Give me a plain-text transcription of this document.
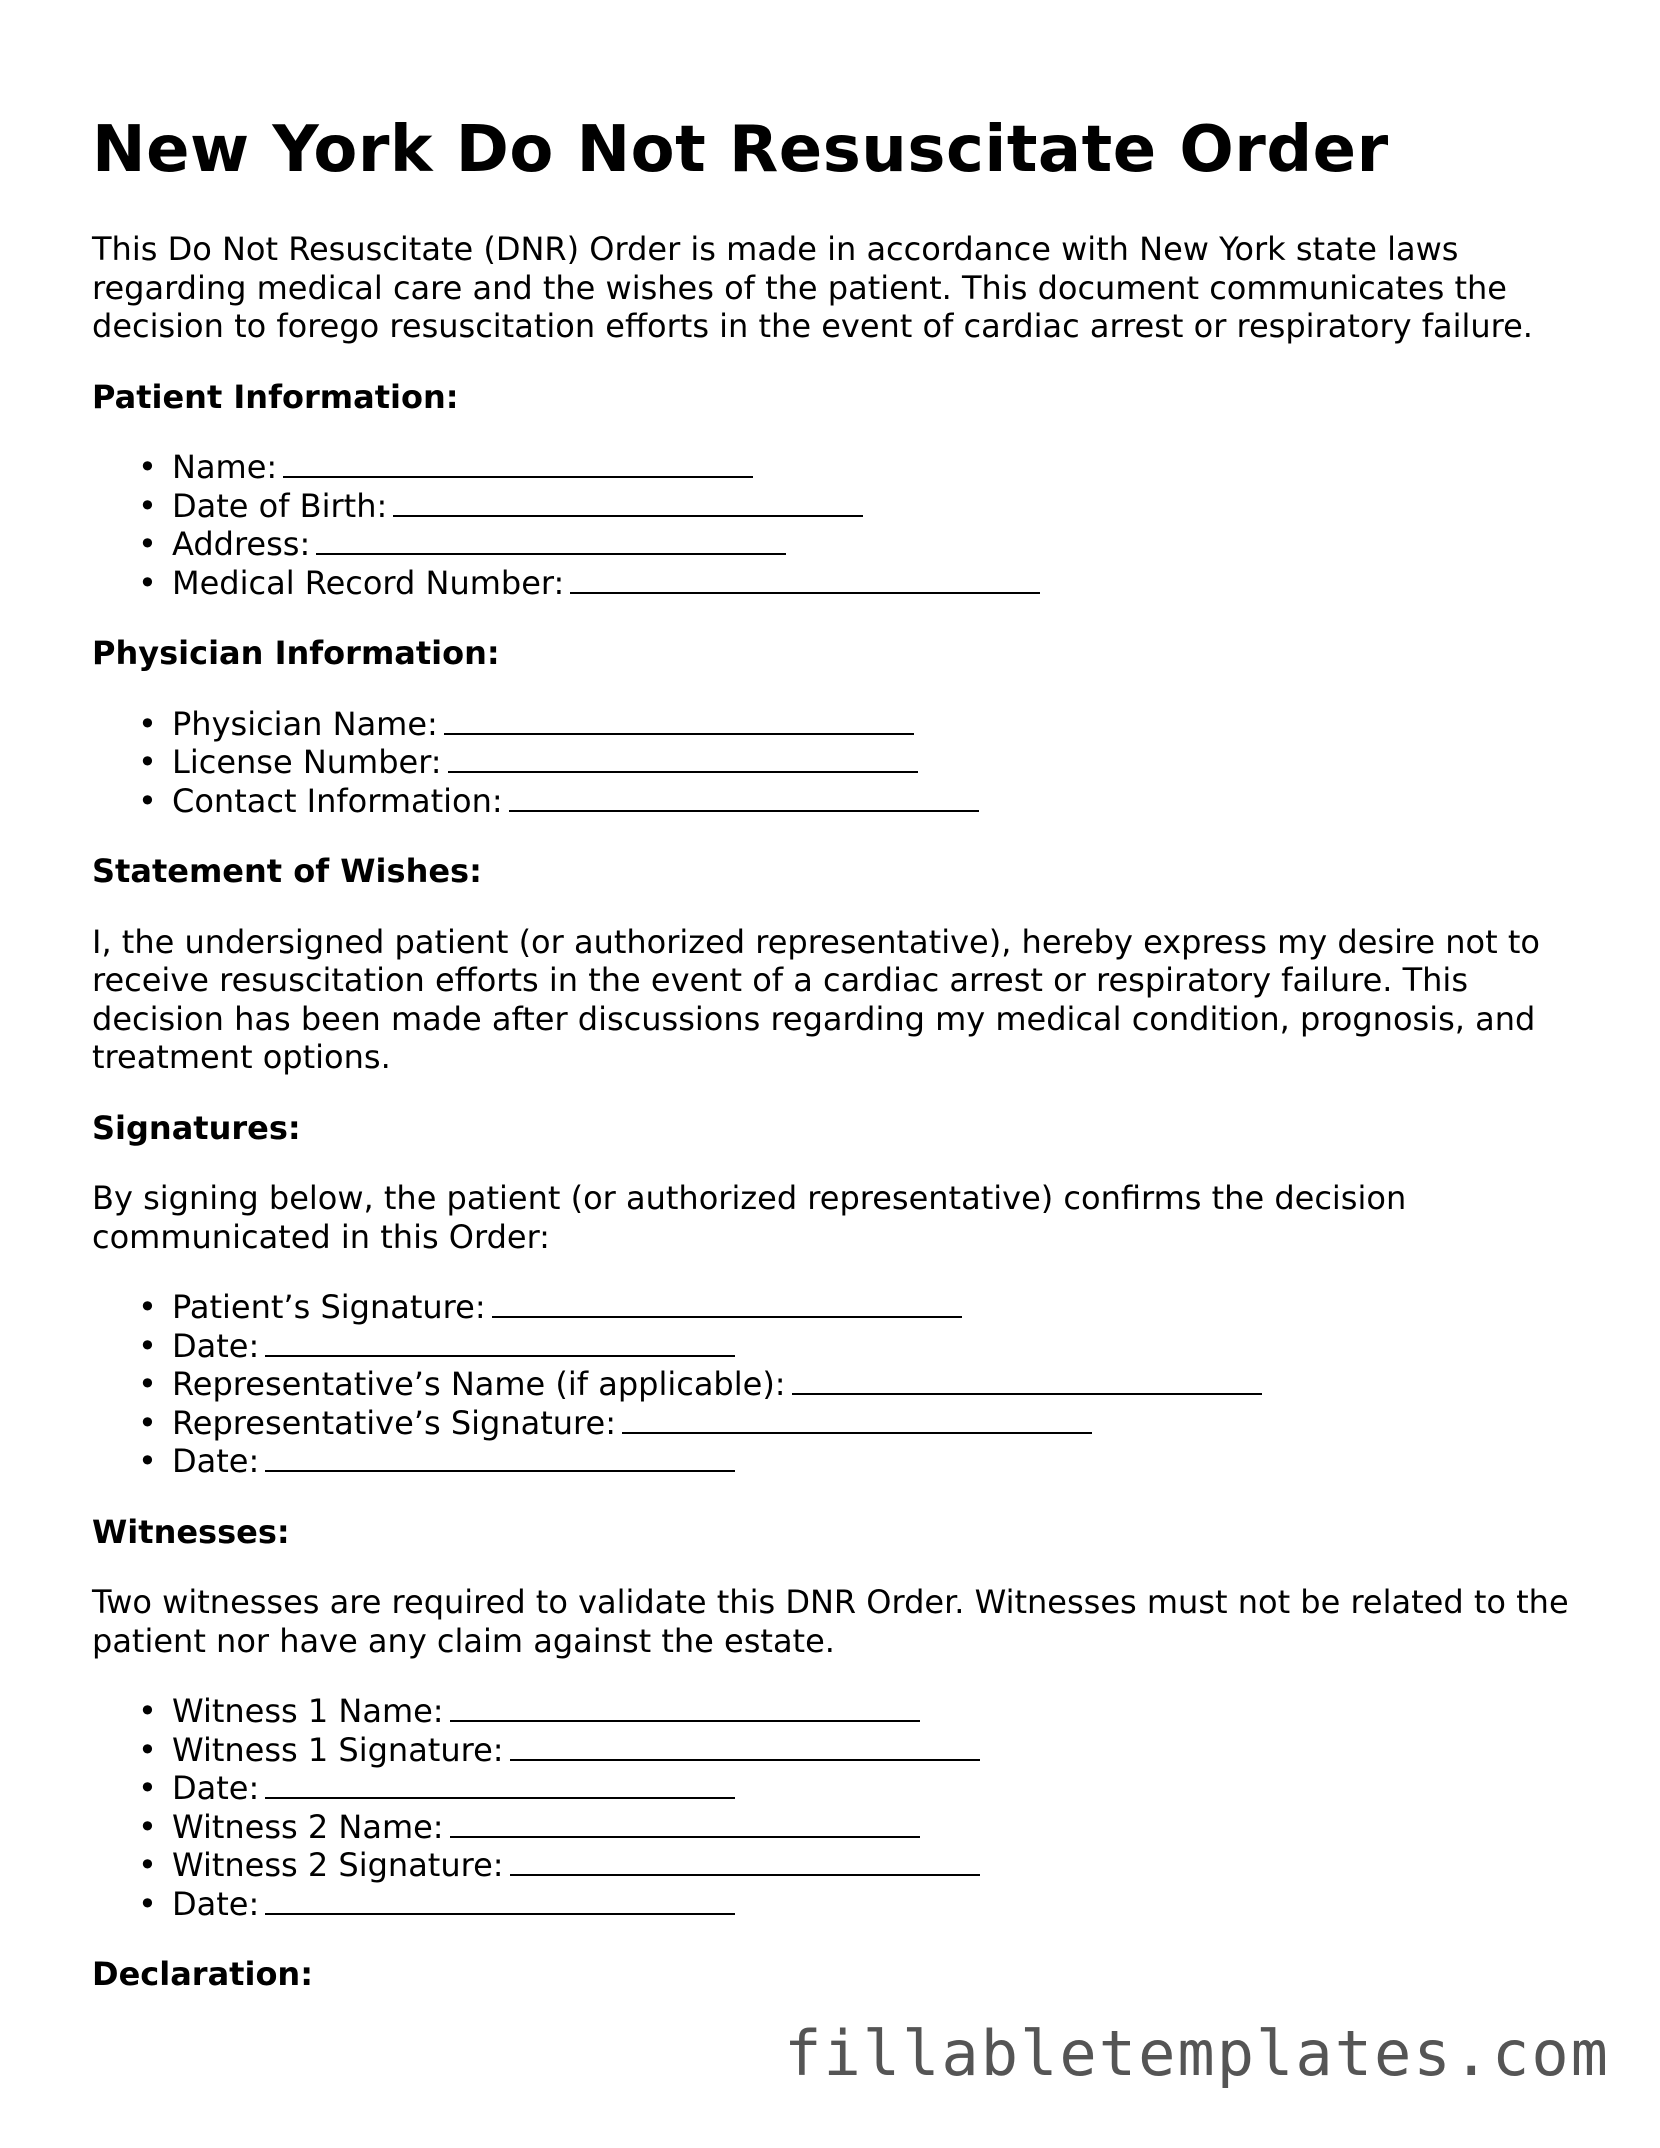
New York Do Not Resuscitate Order

This Do Not Resuscitate (DNR) Order is made in accordance with New York state laws regarding medical care and the wishes of the patient. This document communicates the decision to forego resuscitation efforts in the event of cardiac arrest or respiratory failure.

Patient Information:
• Name:
• Date of Birth:
• Address:
• Medical Record Number:
Physician Information:
• Physician Name:
• License Number:
• Contact Information:
Statement of Wishes:

I, the undersigned patient (or authorized representative), hereby express my desire not to receive resuscitation efforts in the event of a cardiac arrest or respiratory failure. This decision has been made after discussions regarding my medical condition, prognosis, and treatment options.

Signatures:

By signing below, the patient (or authorized representative) confirms the decision communicated in this Order:

• Patient’s Signature:
• Date:
• Representative’s Name (if applicable):
• Representative’s Signature:
• Date:
Witnesses:

Two witnesses are required to validate this DNR Order. Witnesses must not be related to the patient nor have any claim against the estate.

• Witness 1 Name:
• Witness 1 Signature:
• Date:
• Witness 2 Name:
• Witness 2 Signature:
• Date:
Declaration:
fillabletemplates.com
